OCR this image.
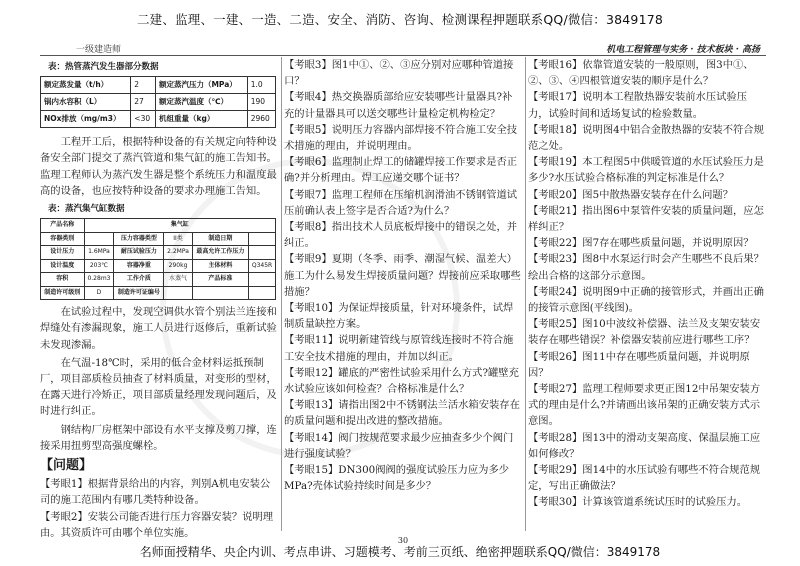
二建、监理、一建、一造、二造、安全、消防、咨询、检测课程押题联系QQ/微信：3849178
一级建造师	机电工程管理与实务 · 技术板块 · 高扬
表：热管蒸汽发生器部分数据
额定蒸发量（t/h）	2	额定蒸汽压力（MPa）	1.0
锅内水容积（L）	27	额定蒸汽温度（℃）	190
NOx排放（mg/m3）	<30	机组重量（kg）	2960

工程开工后，根据特种设备的有关规定向特种设备安全部门提交了蒸汽管道和集气缸的施工告知书。监理工程师认为蒸汽发生器是整个系统压力和温度最高的设备，也应按特种设备的要求办理施工告知。

表：蒸汽集气缸数据
产品名称	集气缸				
容器类别		压力容器类型	II类	制造日期	
设计压力	1.6MPa	耐压试验压力	2.2MPa	最高允许工作压力	
设计温度	203℃	容器净重	290kg	主体材料	Q345R
容积	0.28m3	工作介质	水蒸气	产品标准	
制造许可级别	D	制造许可证编号			

在试验过程中，发现空调供水管个别法兰连接和焊缝处有渗漏现象，施工人员进行返修后，重新试验未发现渗漏。

在气温-18℃时，采用的低合金材料运抵预制厂，项目部质检员抽查了材料质量，对变形的型材，在露天进行冷矫正，项目部质量经理发现问题后，及时进行纠正。

钢结构厂房框架中部设有水平支撑及剪刀撑，连接采用扭剪型高强度螺栓。

【问题】

【考眼1】根据背景给出的内容，判别A机电安装公司的施工范围内有哪几类特种设备。

【考眼2】安装公司能否进行压力容器安装？说明理由。其资质许可由哪个单位实施。

【考眼3】图1中①、②、③应分别对应哪种管道接口？

【考眼4】热交换器质部给应安装哪些计量器具?补充的计量器具可以送交哪些计量检定机构检定？

【考眼5】说明压力容器内部焊接不符合施工安全技术措施的理由，并说明理由。

【考眼6】监理制止焊工的储罐焊接工作要求是否正确?并分析理由。焊工应递交哪个证书？

【考眼7】监理工程师在压缩机润滑油不锈钢管道试压前确认表上签字是否合适?为什么？

【考眼8】指出技术人员底板焊接中的错误之处，并纠正。

【考眼9】夏期（冬季、雨季、潮湿气候、温差大）施工为什么易发生焊接质量问题？焊接前应采取哪些措施？

【考眼10】为保证焊接质量，针对环境条件，试焊制质量缺控方案。

【考眼11】说明新建管线与原管线连接时不符合施工安全技术措施的理由，并加以纠正。

【考眼12】罐底的严密性试验采用什么方式?罐壁充水试验应该如何检查？合格标准是什么？

【考眼13】请指出图2中不锈钢法兰活水箱安装存在的质量问题和提出改进的整改措施。

【考眼14】阀门按规范要求最少应抽查多少个阀门进行强度试验？

【考眼15】DN300阀阀的强度试验压力应为多少MPa?壳体试验持续时间是多少？

【考眼16】依靠管道安装的一般原则，图3中①、②、③、④四根管道安装的顺序是什么？

【考眼17】说明本工程散热器安装前水压试验压力，试验时间和适场复试的检验数量。

【考眼18】说明图4中铝合金散热器的安装不符合规范之处。

【考眼19】本工程图5中供暖管道的水压试验压力是多少?水压试验合格标准的判定标准是什么？

【考眼20】图5中散热器安装存在什么问题？

【考眼21】指出图6中泵管件安装的质量问题，应怎样纠正？

【考眼22】图7存在哪些质量问题，并说明原因？

【考眼23】图8中水泵运行时会产生哪些不良后果？绘出合格的这部分示意图。

【考眼24】说明图9中正确的接管形式，并画出正确的接管示意图(平线图)。

【考眼25】图10中波纹补偿器、法兰及支架安装安装存在哪些错误？补偿器安装前应进行哪些工序？

【考眼26】图11中存在哪些质量问题，并说明原因？

【考眼27】监理工程师要求更正图12中吊架安装方式的理由是什么?并请画出该吊架的正确安装方式示意图。

【考眼28】图13中的滑动支架高度、保温层施工应如何修改？

【考眼29】图14中的水压试验有哪些不符合规范规定，写出正确做法？

【考眼30】计算该管道系统试压时的试验压力。

30
名师面授精华、央企内训、考点串讲、习题模考、考前三页纸、绝密押题联系QQ/微信：3849178
